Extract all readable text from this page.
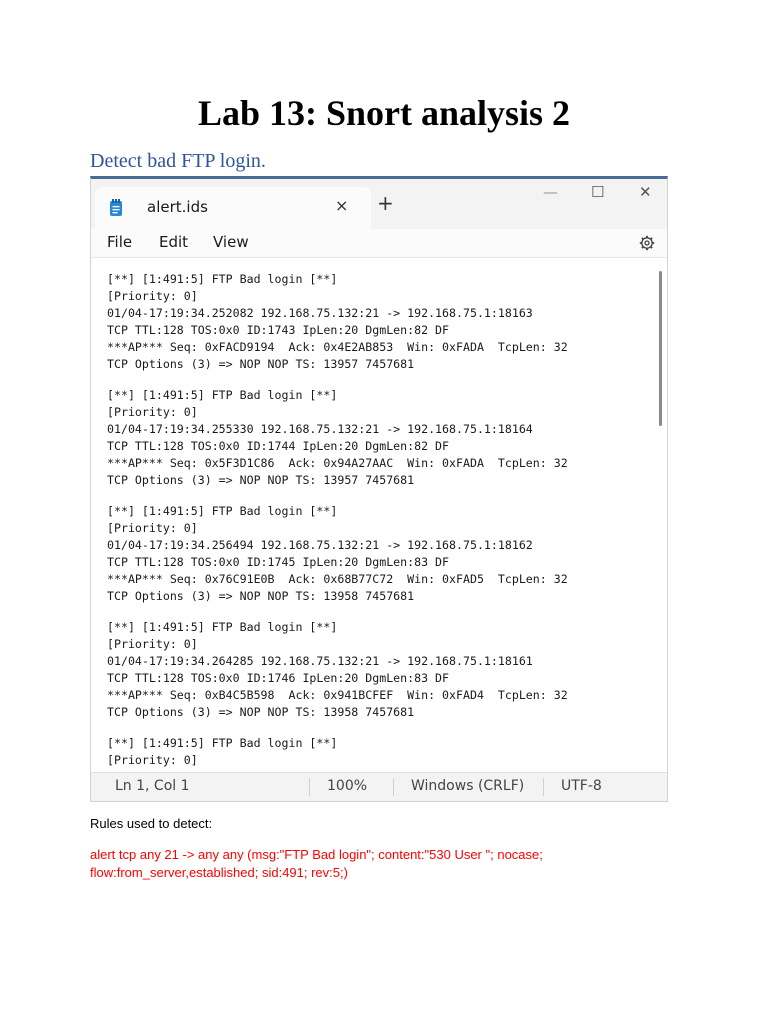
Lab 13: Snort analysis 2
Detect bad FTP login.
alert.ids	× +	— ☐ ✕
File Edit View
[**] [1:491:5] FTP Bad login [**]
[Priority: 0]
01/04-17:19:34.252082 192.168.75.132:21 -> 192.168.75.1:18163
TCP TTL:128 TOS:0x0 ID:1743 IpLen:20 DgmLen:82 DF
***AP*** Seq: 0xFACD9194  Ack: 0x4E2AB853  Win: 0xFADA  TcpLen: 32
TCP Options (3) => NOP NOP TS: 13957 7457681
[**] [1:491:5] FTP Bad login [**]
[Priority: 0]
01/04-17:19:34.255330 192.168.75.132:21 -> 192.168.75.1:18164
TCP TTL:128 TOS:0x0 ID:1744 IpLen:20 DgmLen:82 DF
***AP*** Seq: 0x5F3D1C86  Ack: 0x94A27AAC  Win: 0xFADA  TcpLen: 32
TCP Options (3) => NOP NOP TS: 13957 7457681
[**] [1:491:5] FTP Bad login [**]
[Priority: 0]
01/04-17:19:34.256494 192.168.75.132:21 -> 192.168.75.1:18162
TCP TTL:128 TOS:0x0 ID:1745 IpLen:20 DgmLen:83 DF
***AP*** Seq: 0x76C91E0B  Ack: 0x68B77C72  Win: 0xFAD5  TcpLen: 32
TCP Options (3) => NOP NOP TS: 13958 7457681
[**] [1:491:5] FTP Bad login [**]
[Priority: 0]
01/04-17:19:34.264285 192.168.75.132:21 -> 192.168.75.1:18161
TCP TTL:128 TOS:0x0 ID:1746 IpLen:20 DgmLen:83 DF
***AP*** Seq: 0xB4C5B598  Ack: 0x941BCFEF  Win: 0xFAD4  TcpLen: 32
TCP Options (3) => NOP NOP TS: 13958 7457681
[**] [1:491:5] FTP Bad login [**]
[Priority: 0]
Ln 1, Col 1	100%	Windows (CRLF)	UTF-8
Rules used to detect:
alert tcp any 21 -> any any (msg:"FTP Bad login"; content:"530 User "; nocase; flow:from_server,established; sid:491; rev:5;)
